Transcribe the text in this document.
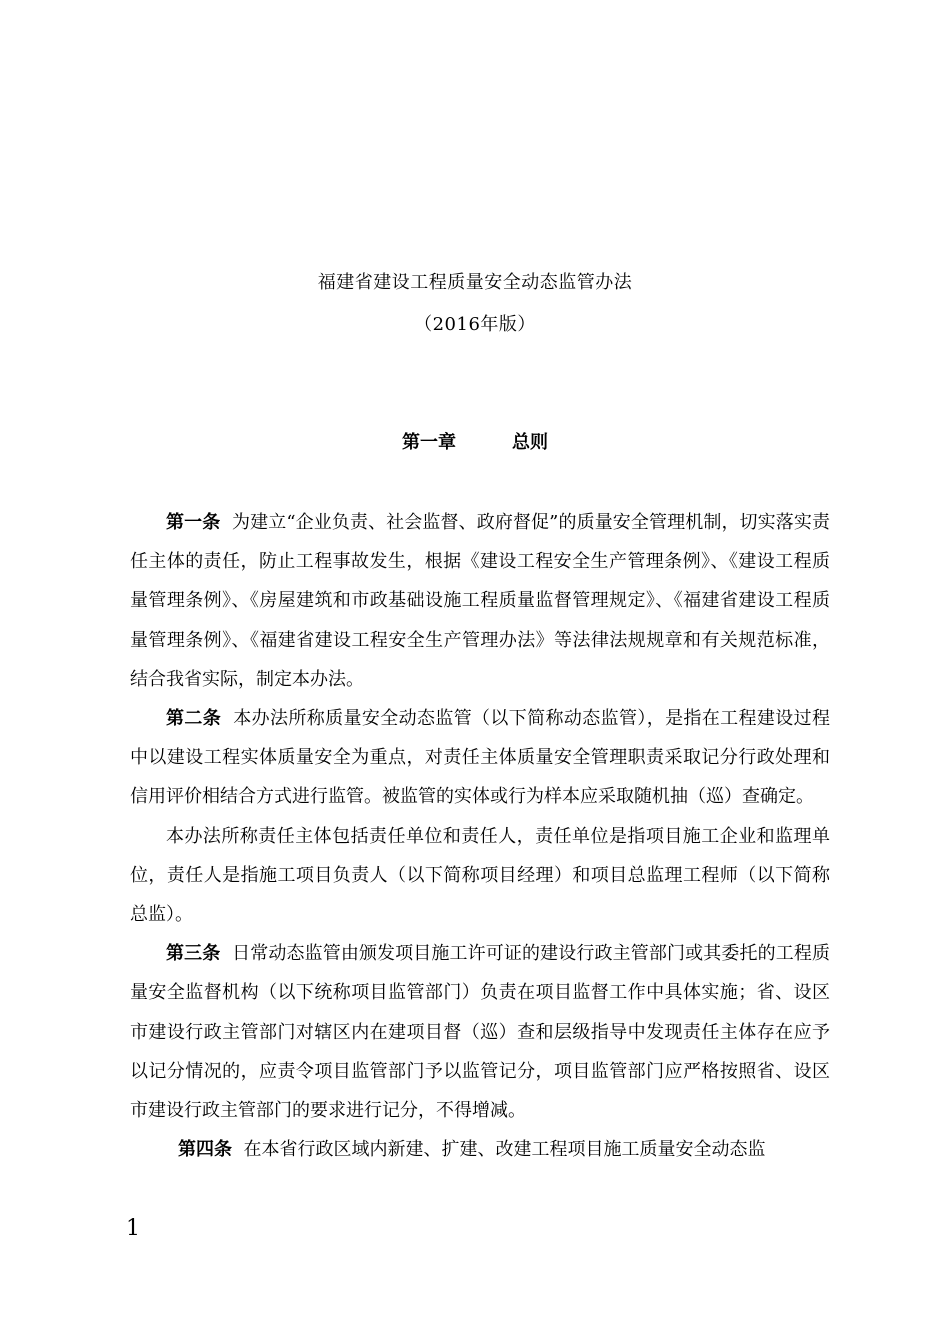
福建省建设工程质量安全动态监管办法
（2016年版）
第一章	总则

第一条 为建立“企业负责、社会监督、政府督促”的质量安全管理机制，切实落实责任主体的责任，防止工程事故发生，根据《建设工程安全生产管理条例》、《建设工程质量管理条例》、《房屋建筑和市政基础设施工程质量监督管理规定》、《福建省建设工程质量管理条例》、《福建省建设工程安全生产管理办法》等法律法规规章和有关规范标准，结合我省实际，制定本办法。

第二条 本办法所称质量安全动态监管（以下简称动态监管），是指在工程建设过程中以建设工程实体质量安全为重点，对责任主体质量安全管理职责采取记分行政处理和信用评价相结合方式进行监管。被监管的实体或行为样本应采取随机抽（巡）查确定。

本办法所称责任主体包括责任单位和责任人，责任单位是指项目施工企业和监理单位，责任人是指施工项目负责人（以下简称项目经理）和项目总监理工程师（以下简称总监）。

第三条 日常动态监管由颁发项目施工许可证的建设行政主管部门或其委托的工程质量安全监督机构（以下统称项目监管部门）负责在项目监督工作中具体实施；省、设区市建设行政主管部门对辖区内在建项目督（巡）查和层级指导中发现责任主体存在应予以记分情况的，应责令项目监管部门予以监管记分，项目监管部门应严格按照省、设区市建设行政主管部门的要求进行记分，不得增减。

第四条 在本省行政区域内新建、扩建、改建工程项目施工质量安全动态监

1
